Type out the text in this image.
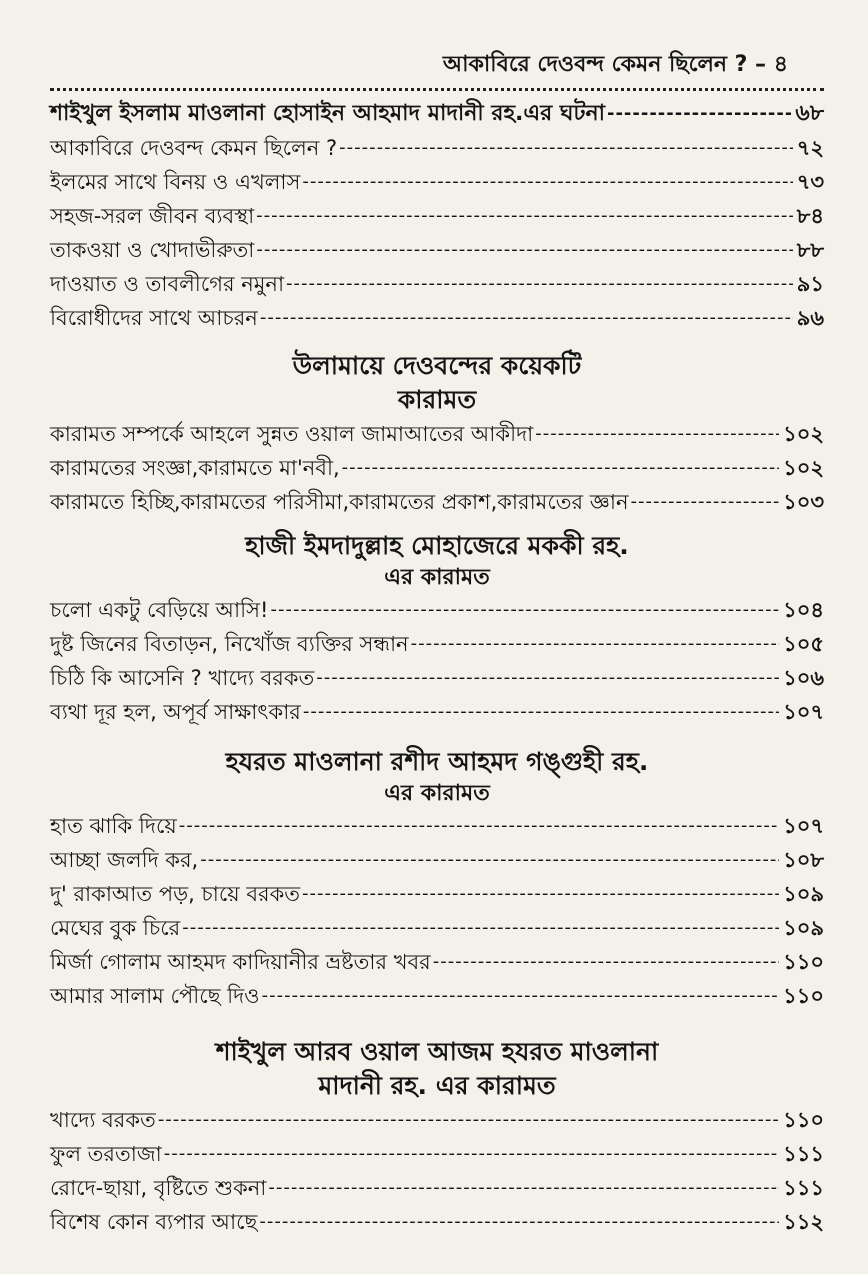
আকাবিরে দেওবন্দ কেমন ছিলেন ? – ৪
শাইখুল ইসলাম মাওলানা হোসাইন আহমাদ মাদানী রহ.এর ঘটনা -----	৬৮
আকাবিরে দেওবন্দ কেমন ছিলেন ? -----	৭২
ইলমের সাথে বিনয় ও এখলাস -----	৭৩
সহজ-সরল জীবন ব্যবস্থা -----	৮৪
তাকওয়া ও খোদাভীরুতা -----	৮৮
দাওয়াত ও তাবলীগের নমুনা -----	৯১
বিরোধীদের সাথে আচরন -----	৯৬
উলামায়ে দেওবন্দের কয়েকটি
কারামত
কারামত সম্পর্কে আহলে সুন্নত ওয়াল জামাআতের আকীদা -----	১০২
কারামতের সংজ্ঞা,কারামতে মা'নবী, -----	১০২
কারামতে হিচ্ছি,কারামতের পরিসীমা,কারামতের প্রকাশ,কারামতের জ্ঞান -----	১০৩
হাজী ইমদাদুল্লাহ মোহাজেরে মককী রহ.
এর কারামত
চলো একটু বেড়িয়ে আসি! -----	১০৪
দুষ্ট জিনের বিতাড়ন, নিখোঁজ ব্যক্তির সন্ধান -----	১০৫
চিঠি কি আসেনি ? খাদ্যে বরকত -----	১০৬
ব্যথা দূর হল, অপূর্ব সাক্ষাৎকার -----	১০৭
হযরত মাওলানা রশীদ আহমদ গঙ্গুহী রহ.
এর কারামত
হাত ঝাকি দিয়ে -----	১০৭
আচ্ছা জলদি কর, -----	১০৮
দু' রাকাআত পড়, চায়ে বরকত -----	১০৯
মেঘের বুক চিরে -----	১০৯
মির্জা গোলাম আহমদ কাদিয়ানীর ভ্রষ্টতার খবর -----	১১০
আমার সালাম পৌছে দিও -----	১১০
শাইখুল আরব ওয়াল আজম হযরত মাওলানা
মাদানী রহ. এর কারামত
খাদ্যে বরকত -----	১১০
ফুল তরতাজা -----	১১১
রোদে-ছায়া, বৃষ্টিতে শুকনা -----	১১১
বিশেষ কোন ব্যপার আছে -----	১১২
